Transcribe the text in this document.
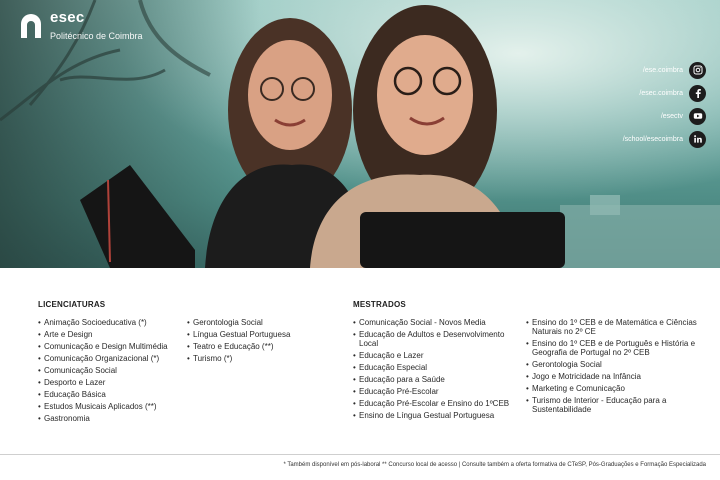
esec
Politécnico de Coimbra
/ese.coimbra
/esec.coimbra
/esectv
/school/esecoimbra
LICENCIATURAS
• Animação Socioeducativa (*)
• Arte e Design
• Comunicação e Design Multimédia
• Comunicação Organizacional (*)
• Comunicação Social
• Desporto e Lazer
• Educação Básica
• Estudos Musicais Aplicados (**)
• Gastronomia
• Gerontologia Social
• Língua Gestual Portuguesa
• Teatro e Educação (**)
• Turismo (*)
MESTRADOS
• Comunicação Social - Novos Media
• Educação de Adultos e Desenvolvimento Local
• Educação e Lazer
• Educação Especial
• Educação para a Saúde
• Educação Pré-Escolar
• Educação Pré-Escolar e Ensino do 1ºCEB
• Ensino de Língua Gestual Portuguesa
• Ensino do 1º CEB e de Matemática e Ciências Naturais no 2º CE
• Ensino do 1º CEB e de Português e História e Geografia de Portugal no 2º CEB
• Gerontologia Social
• Jogo e Motricidade na Infância
• Marketing e Comunicação
• Turismo de Interior - Educação para a Sustentabilidade
* Também disponível em pós-laboral ** Concurso local de acesso | Consulte também a oferta formativa de CTeSP, Pós-Graduações e Formação Especializada
